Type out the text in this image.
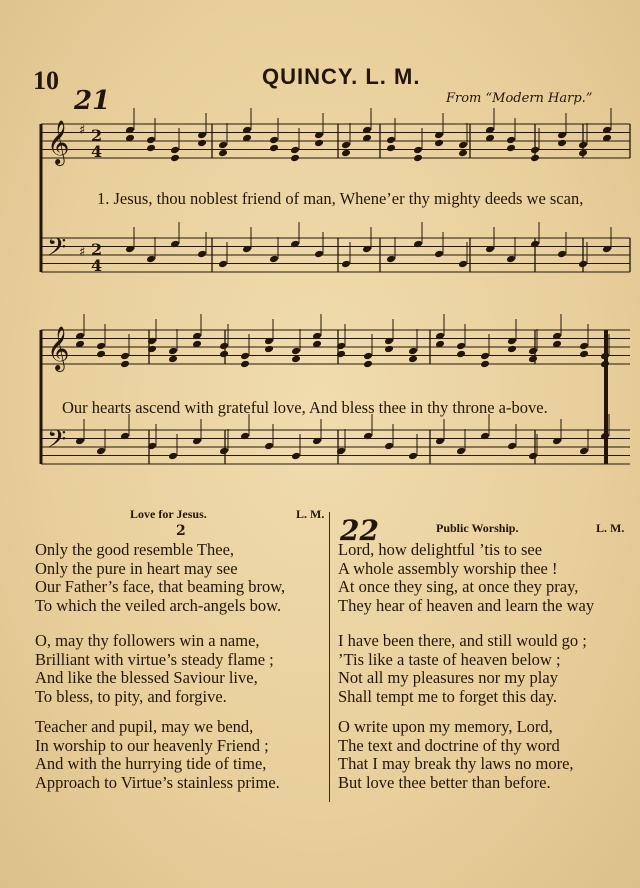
10	QUINCY. L. M.
21	From “Modern Harp.”
𝄞 2
4
♯
𝄢 2
4
♯
𝄞
𝄢
1. Jesus, thou noblest friend of man, Whene’er thy mighty deeds we scan,
Our hearts ascend with grateful love, And bless thee in thy throne a-bove.
Love for Jesus.	L. M.
2
Only the good resemble Thee,
Only the pure in heart may see
Our Father’s face, that beaming brow,
To which the veiled arch-angels bow.
O, may thy followers win a name,
Brilliant with virtue’s steady flame ;
And like the blessed Saviour live,
To bless, to pity, and forgive.
Teacher and pupil, may we bend,
In worship to our heavenly Friend ;
And with the hurrying tide of time,
Approach to Virtue’s stainless prime.
22	Public Worship.	L. M.
Lord, how delightful ’tis to see
A whole assembly worship thee !
At once they sing, at once they pray,
They hear of heaven and learn the way
I have been there, and still would go ;
’Tis like a taste of heaven below ;
Not all my pleasures nor my play
Shall tempt me to forget this day.
O write upon my memory, Lord,
The text and doctrine of thy word
That I may break thy laws no more,
But love thee better than before.
